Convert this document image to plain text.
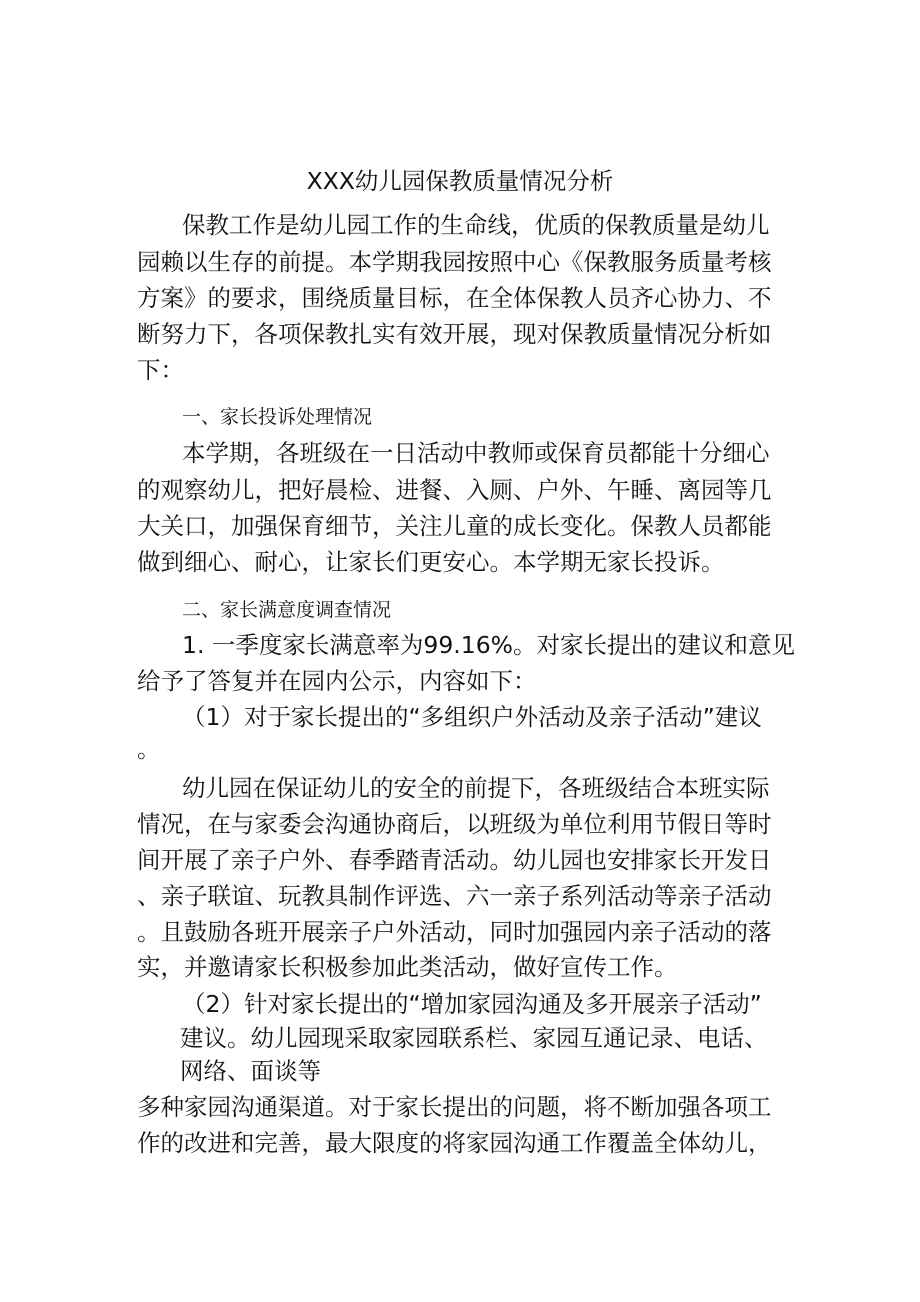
XXX幼儿园保教质量情况分析
保教工作是幼儿园工作的生命线，优质的保教质量是幼儿
园赖以生存的前提。本学期我园按照中心《保教服务质量考核
方案》的要求，围绕质量目标，在全体保教人员齐心协力、不
断努力下，各项保教扎实有效开展，现对保教质量情况分析如
下：
一、家长投诉处理情况
本学期，各班级在一日活动中教师或保育员都能十分细心
的观察幼儿，把好晨检、进餐、入厕、户外、午睡、离园等几
大关口，加强保育细节，关注儿童的成长变化。保教人员都能
做到细心、耐心，让家长们更安心。本学期无家长投诉。
二、家长满意度调查情况
1. 一季度家长满意率为99.16%。对家长提出的建议和意见
给予了答复并在园内公示，内容如下：
（1）对于家长提出的“多组织户外活动及亲子活动”建议
。
幼儿园在保证幼儿的安全的前提下，各班级结合本班实际
情况，在与家委会沟通协商后，以班级为单位利用节假日等时
间开展了亲子户外、春季踏青活动。幼儿园也安排家长开发日
、亲子联谊、玩教具制作评选、六一亲子系列活动等亲子活动
。且鼓励各班开展亲子户外活动，同时加强园内亲子活动的落
实，并邀请家长积极参加此类活动，做好宣传工作。
（2）针对家长提出的“增加家园沟通及多开展亲子活动”
建议。幼儿园现采取家园联系栏、家园互通记录、电话、
网络、面谈等
多种家园沟通渠道。对于家长提出的问题，将不断加强各项工
作的改进和完善，最大限度的将家园沟通工作覆盖全体幼儿，
